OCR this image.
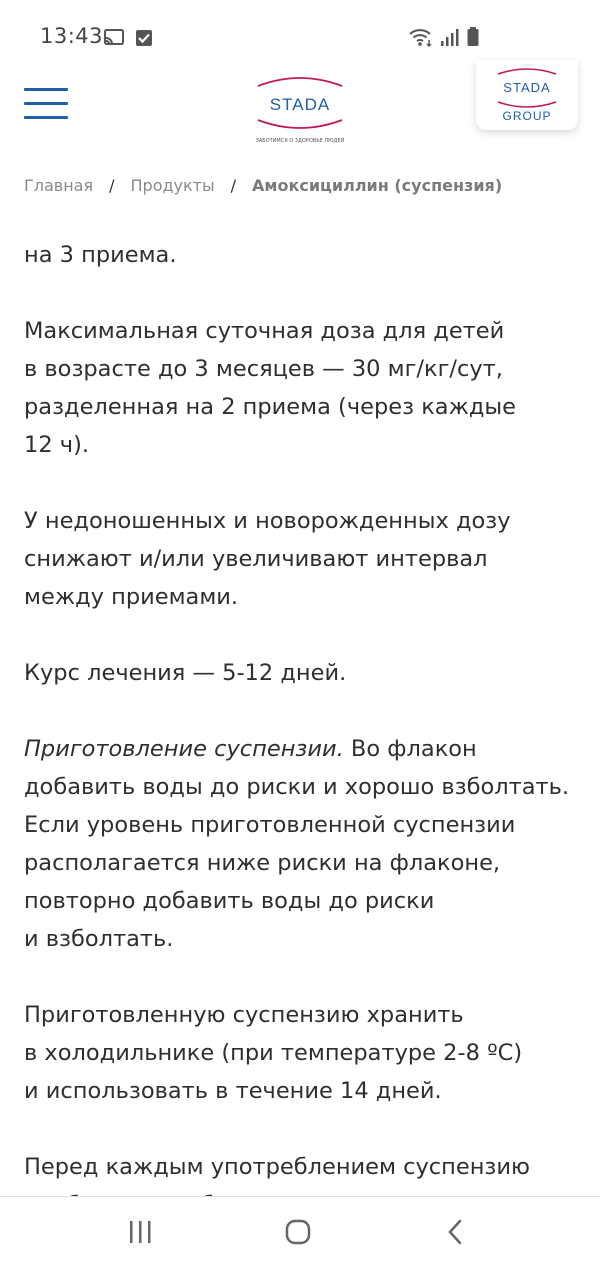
13:43
STADA
ЗАБОТИМСЯ О ЗДОРОВЬЕ ЛЮДЕЙ
STADA
GROUP
Главная / Продукты / Амоксициллин (суспензия)
на 3 приема.
Максимальная суточная доза для детей
в возрасте до 3 месяцев — 30 мг/кг/сут,
разделенная на 2 приема (через каждые
12 ч).
У недоношенных и новорожденных дозу
снижают и/или увеличивают интервал
между приемами.
Курс лечения — 5-12 дней.
Приготовление суспензии. Во флакон
добавить воды до риски и хорошо взболтать.
Если уровень приготовленной суспензии
располагается ниже риски на флаконе,
повторно добавить воды до риски
и взболтать.
Приготовленную суспензию хранить
в холодильнике (при температуре 2-8 ºC)
и использовать в течение 14 дней.
Перед каждым употреблением суспензию
